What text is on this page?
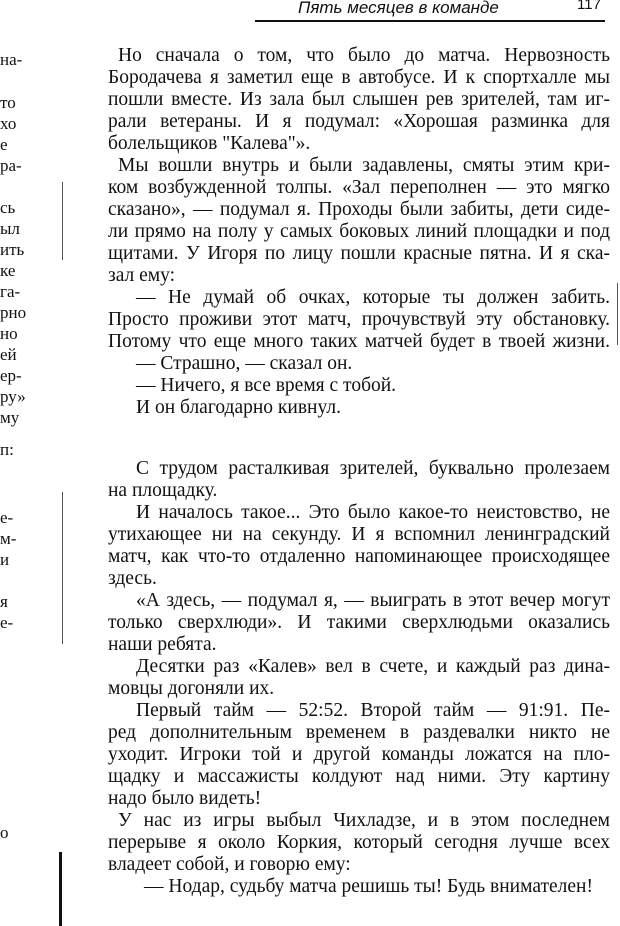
Пять месяцев в команде	117
на-
то
хо
е
ра-
сь
ыл
ить
ке
га-
рно
но
ей
ер-
ру»
му
п:
е-
м-
и
я
е-
о
Но сначала о том, что было до матча. Нервозность
Бородачева я заметил еще в автобусе. И к спортхалле мы
пошли вместе. Из зала был слышен рев зрителей, там иг-
рали ветераны. И я подумал: «Хорошая разминка для
болельщиков "Калева"».
Мы вошли внутрь и были задавлены, смяты этим кри-
ком возбужденной толпы. «Зал переполнен — это мягко
сказано», — подумал я. Проходы были забиты, дети сиде-
ли прямо на полу у самых боковых линий площадки и под
щитами. У Игоря по лицу пошли красные пятна. И я ска-
зал ему:
— Не думай об очках, которые ты должен забить.
Просто проживи этот матч, прочувствуй эту обстановку.
Потому что еще много таких матчей будет в твоей жизни.
— Страшно, — сказал он.
— Ничего, я все время с тобой.
И он благодарно кивнул.
С трудом расталкивая зрителей, буквально пролезаем
на площадку.
И началось такое... Это было какое-то неистовство, не
утихающее ни на секунду. И я вспомнил ленинградский
матч, как что-то отдаленно напоминающее происходящее
здесь.
«А здесь, — подумал я, — выиграть в этот вечер могут
только сверхлюди». И такими сверхлюдьми оказались
наши ребята.
Десятки раз «Калев» вел в счете, и каждый раз дина-
мовцы догоняли их.
Первый тайм — 52:52. Второй тайм — 91:91. Пе-
ред дополнительным временем в раздевалки никто не
уходит. Игроки той и другой команды ложатся на пло-
щадку и массажисты колдуют над ними. Эту картину
надо было видеть!
У нас из игры выбыл Чихладзе, и в этом последнем
перерыве я около Коркия, который сегодня лучше всех
владеет собой, и говорю ему:
— Нодар, судьбу матча решишь ты! Будь внимателен!
